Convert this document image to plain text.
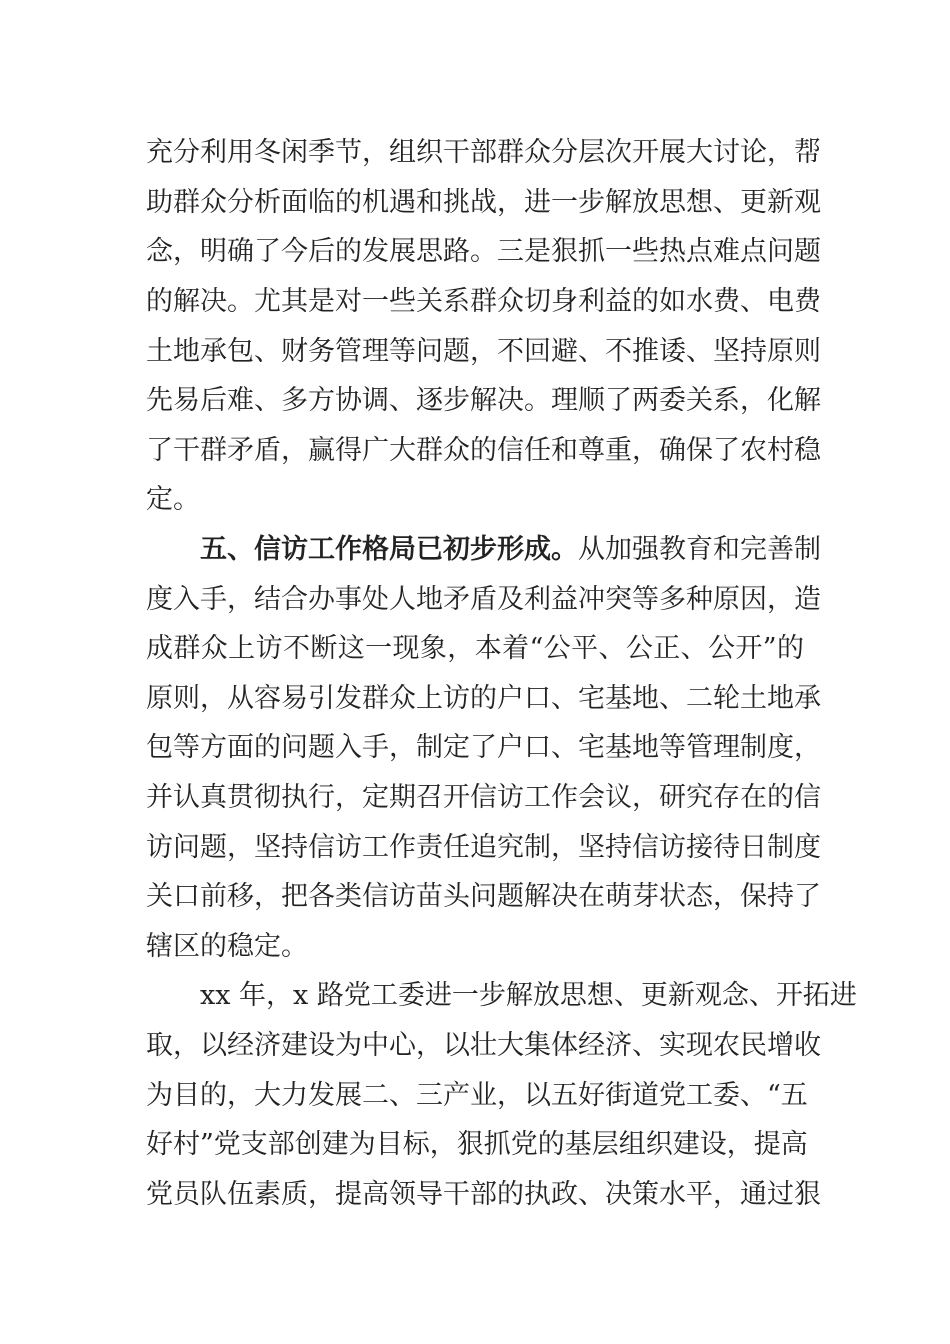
充分利用冬闲季节，组织干部群众分层次开展大讨论，帮
助群众分析面临的机遇和挑战，进一步解放思想、更新观
念，明确了今后的发展思路。三是狠抓一些热点难点问题
的解决。尤其是对一些关系群众切身利益的如水费、电费
土地承包、财务管理等问题，不回避、不推诿、坚持原则
先易后难、多方协调、逐步解决。理顺了两委关系，化解
了干群矛盾，赢得广大群众的信任和尊重，确保了农村稳
定。
五、信访工作格局已初步形成。从加强教育和完善制
度入手，结合办事处人地矛盾及利益冲突等多种原因，造
成群众上访不断这一现象，本着“公平、公正、公开”的
原则，从容易引发群众上访的户口、宅基地、二轮土地承
包等方面的问题入手，制定了户口、宅基地等管理制度，
并认真贯彻执行，定期召开信访工作会议，研究存在的信
访问题，坚持信访工作责任追究制，坚持信访接待日制度
关口前移，把各类信访苗头问题解决在萌芽状态，保持了
辖区的稳定。
xx 年，x 路党工委进一步解放思想、更新观念、开拓进
取，以经济建设为中心，以壮大集体经济、实现农民增收
为目的，大力发展二、三产业，以五好街道党工委、“五
好村”党支部创建为目标，狠抓党的基层组织建设，提高
党员队伍素质，提高领导干部的执政、决策水平，通过狠
